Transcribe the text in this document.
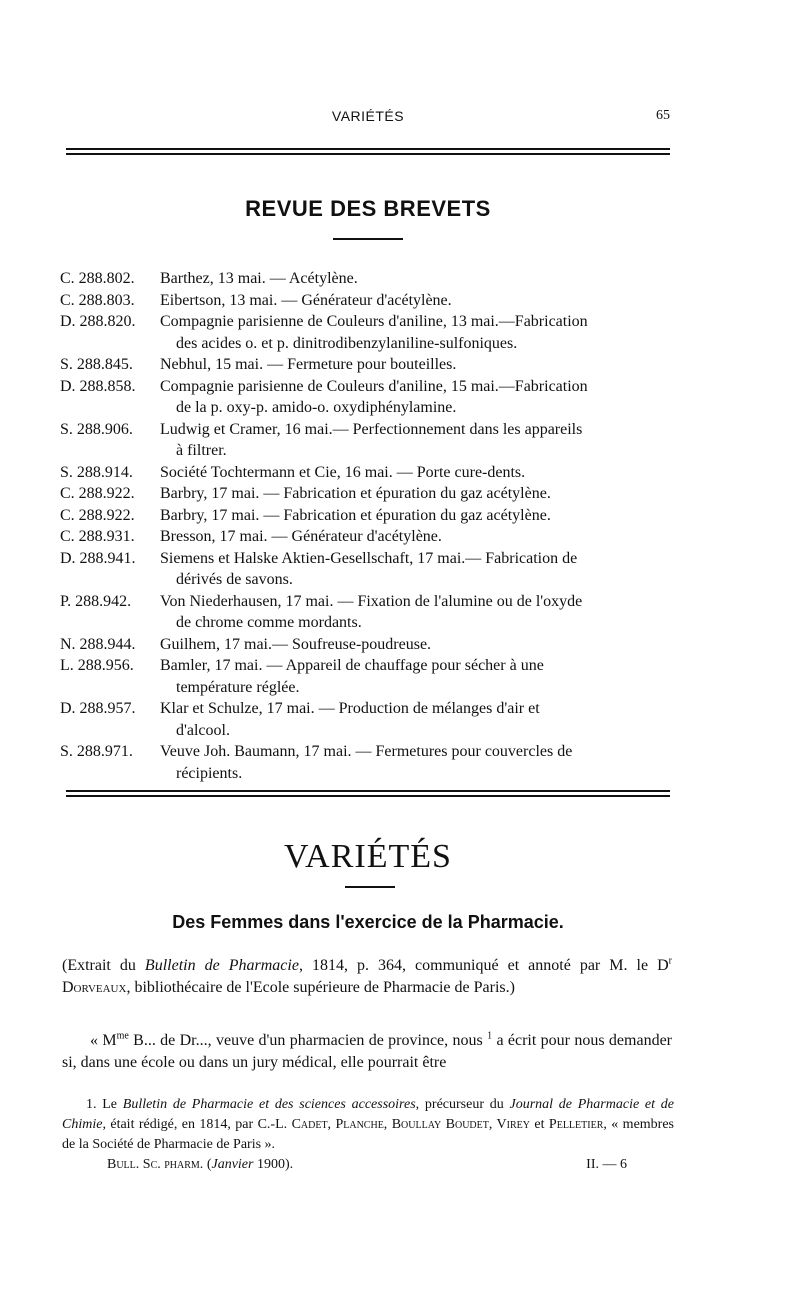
VARIÉTÉS	65
REVUE DES BREVETS
C. 288.802.	Barthez, 13 mai. — Acétylène.
C. 288.803.	Eibertson, 13 mai. — Générateur d'acétylène.
D. 288.820.	Compagnie parisienne de Couleurs d'aniline, 13 mai.—Fabrication
des acides o. et p. dinitrodibenzylaniline-sulfoniques.
S. 288.845.	Nebhul, 15 mai. — Fermeture pour bouteilles.
D. 288.858.	Compagnie parisienne de Couleurs d'aniline, 15 mai.—Fabrication
de la p. oxy-p. amido-o. oxydiphénylamine.
S. 288.906.	Ludwig et Cramer, 16 mai.— Perfectionnement dans les appareils
à filtrer.
S. 288.914.	Société Tochtermann et Cie, 16 mai. — Porte cure-dents.
C. 288.922.	Barbry, 17 mai. — Fabrication et épuration du gaz acétylène.
C. 288.922.	Barbry, 17 mai. — Fabrication et épuration du gaz acétylène.
C. 288.931.	Bresson, 17 mai. — Générateur d'acétylène.
D. 288.941.	Siemens et Halske Aktien-Gesellschaft, 17 mai.— Fabrication de
dérivés de savons.
P. 288.942.	Von Niederhausen, 17 mai. — Fixation de l'alumine ou de l'oxyde
de chrome comme mordants.
N. 288.944.	Guilhem, 17 mai.— Soufreuse-poudreuse.
L. 288.956.	Bamler, 17 mai. — Appareil de chauffage pour sécher à une
température réglée.
D. 288.957.	Klar et Schulze, 17 mai. — Production de mélanges d'air et
d'alcool.
S. 288.971.	Veuve Joh. Baumann, 17 mai. — Fermetures pour couvercles de
récipients.
VARIÉTÉS
Des Femmes dans l'exercice de la Pharmacie.
(Extrait du Bulletin de Pharmacie, 1814, p. 364, communiqué et annoté par M. le $D^r$ Dorveaux, bibliothécaire de l'Ecole supérieure de Pharmacie de Paris.)
« $M^{me}$ B... de Dr..., veuve d'un pharmacien de province, nous $^1$ a écrit pour nous demander si, dans une école ou dans un jury médical, elle pourrait être
1. Le Bulletin de Pharmacie et des sciences accessoires, précurseur du Journal de Pharmacie et de Chimie, était rédigé, en 1814, par C.-L. Cadet, Planche, Boullay Boudet, Virey et Pelletier, « membres de la Société de Pharmacie de Paris ».
Bull. Sc. pharm. (Janvier 1900).	II. — 6
